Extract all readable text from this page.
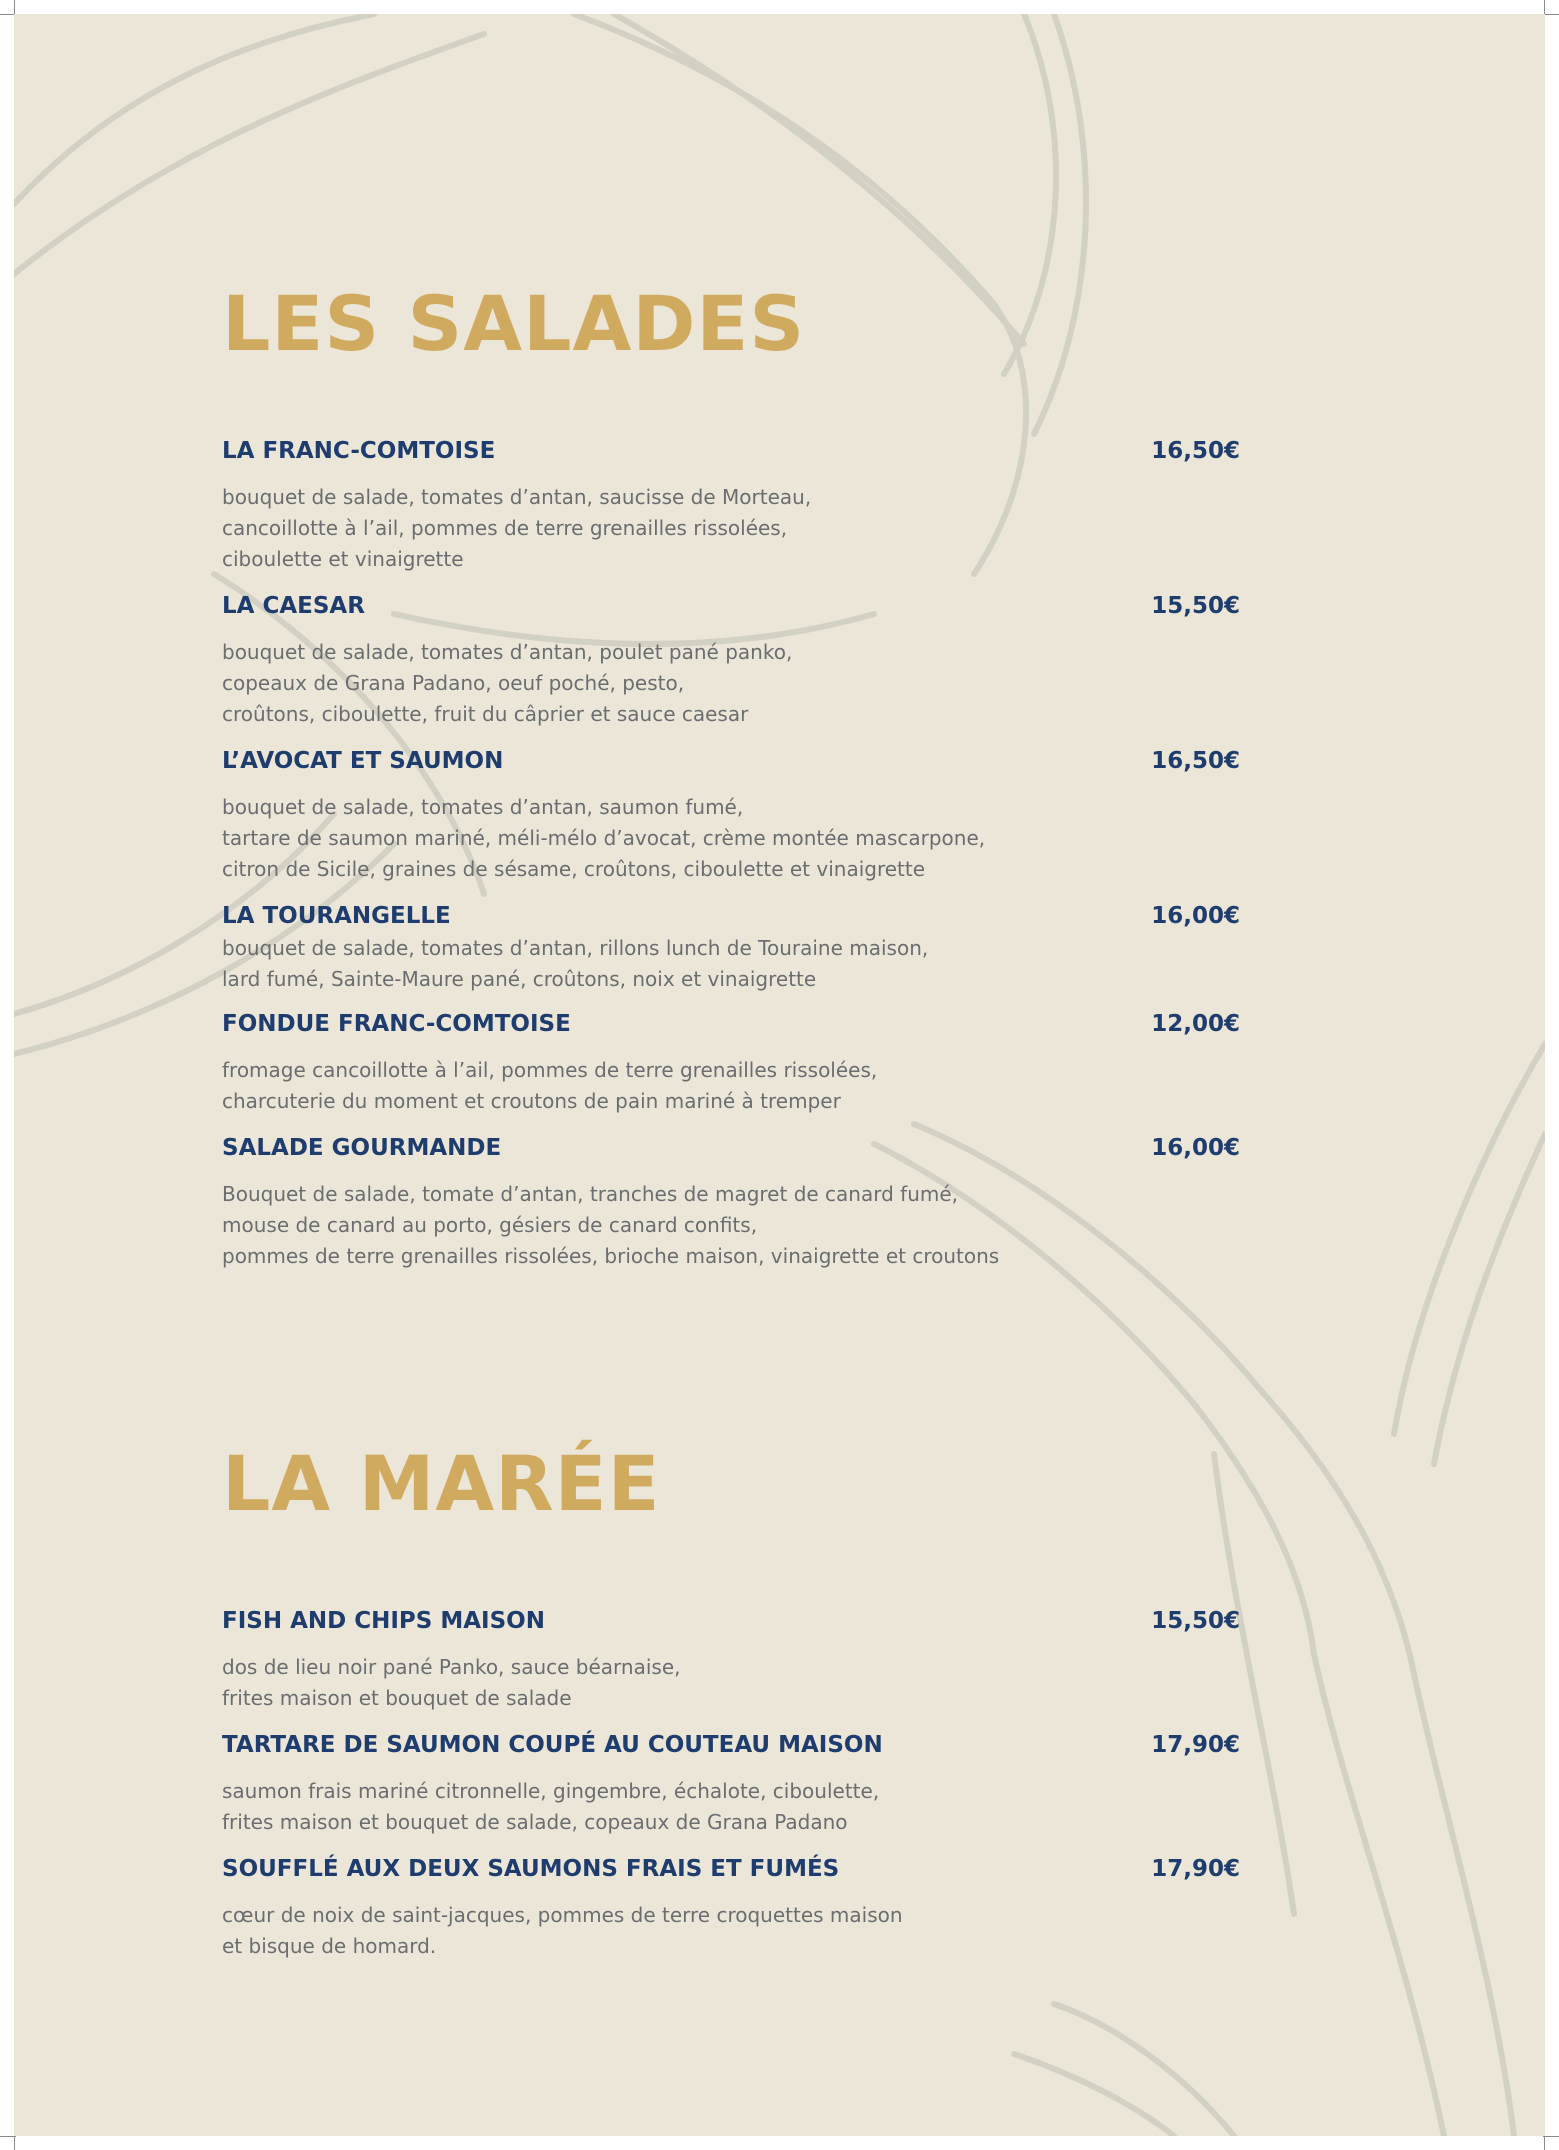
LES SALADES
LA FRANC-COMTOISE	16,50€
bouquet de salade, tomates d’antan, saucisse de Morteau,
cancoillotte à l’ail, pommes de terre grenailles rissolées,
ciboulette et vinaigrette
LA CAESAR	15,50€
bouquet de salade, tomates d’antan, poulet pané panko,
copeaux de Grana Padano, oeuf poché, pesto,
croûtons, ciboulette, fruit du câprier et sauce caesar
L’AVOCAT ET SAUMON	16,50€
bouquet de salade, tomates d’antan, saumon fumé,
tartare de saumon mariné, méli-mélo d’avocat, crème montée mascarpone,
citron de Sicile, graines de sésame, croûtons, ciboulette et vinaigrette
LA TOURANGELLE	16,00€
bouquet de salade, tomates d’antan, rillons lunch de Touraine maison,
lard fumé, Sainte-Maure pané, croûtons, noix et vinaigrette
FONDUE FRANC-COMTOISE	12,00€
fromage cancoillotte à l’ail, pommes de terre grenailles rissolées,
charcuterie du moment et croutons de pain mariné à tremper
SALADE GOURMANDE	16,00€
Bouquet de salade, tomate d’antan, tranches de magret de canard fumé,
mouse de canard au porto, gésiers de canard confits,
pommes de terre grenailles rissolées, brioche maison, vinaigrette et croutons
LA MARÉE
FISH AND CHIPS MAISON	15,50€
dos de lieu noir pané Panko, sauce béarnaise,
frites maison et bouquet de salade
TARTARE DE SAUMON COUPÉ AU COUTEAU MAISON	17,90€
saumon frais mariné citronnelle, gingembre, échalote, ciboulette,
frites maison et bouquet de salade, copeaux de Grana Padano
SOUFFLÉ AUX DEUX SAUMONS FRAIS ET FUMÉS	17,90€
cœur de noix de saint-jacques, pommes de terre croquettes maison
et bisque de homard.
